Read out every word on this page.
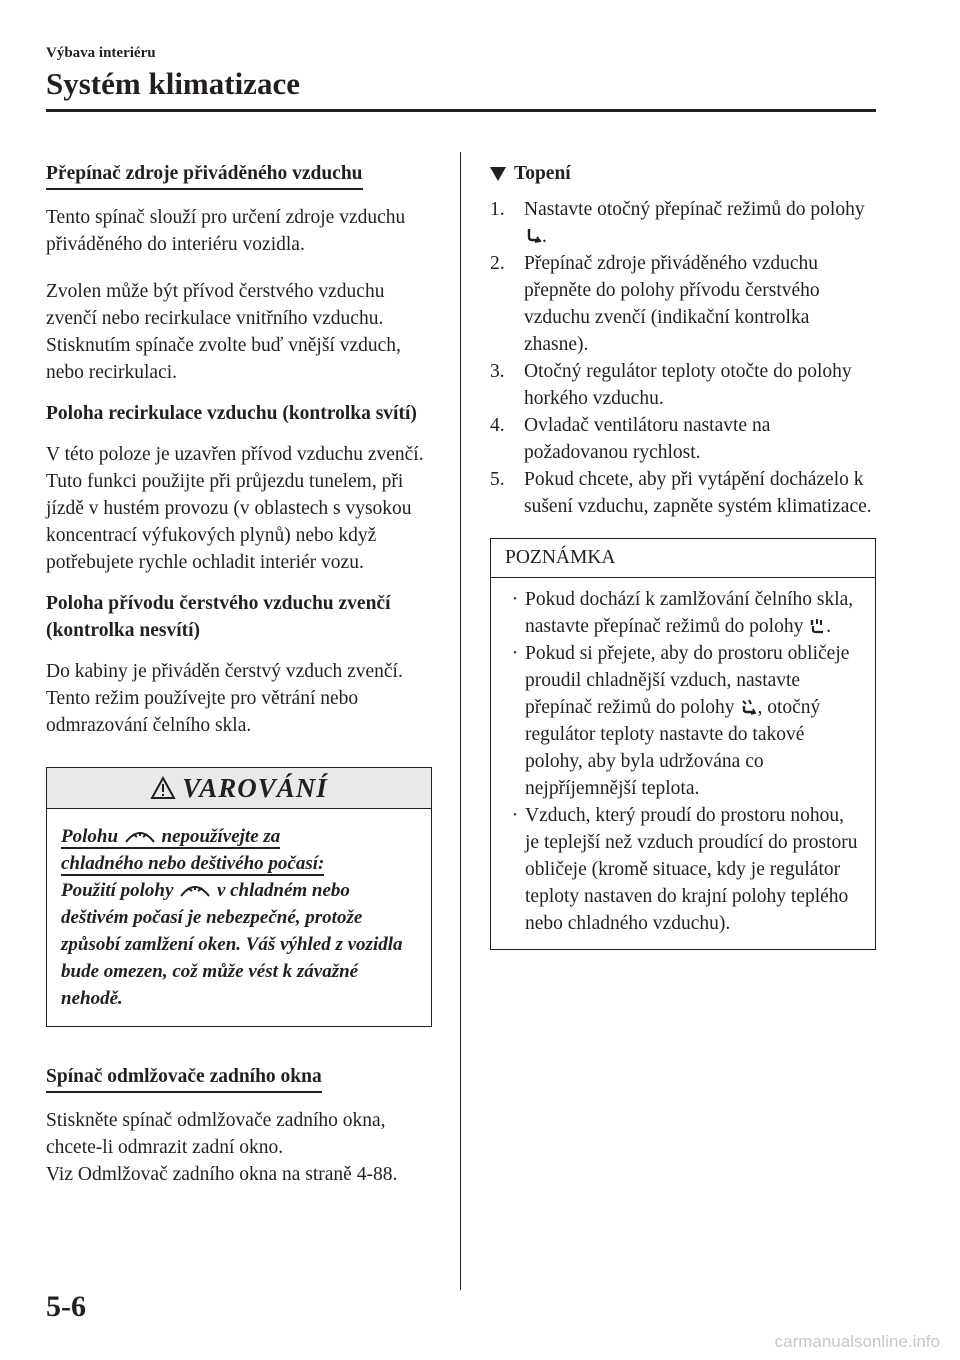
Výbava interiéru
Systém klimatizace
Přepínač zdroje přiváděného vzduchu

Tento spínač slouží pro určení zdroje vzduchu přiváděného do interiéru vozidla.

Zvolen může být přívod čerstvého vzduchu zvenčí nebo recirkulace vnitřního vzduchu. Stisknutím spínače zvolte buď vnější vzduch, nebo recirkulaci.

Poloha recirkulace vzduchu (kontrolka svítí)

V této poloze je uzavřen přívod vzduchu zvenčí. Tuto funkci použijte při průjezdu tunelem, při jízdě v hustém provozu (v oblastech s vysokou koncentrací výfukových plynů) nebo když potřebujete rychle ochladit interiér vozu.

Poloha přívodu čerstvého vzduchu zvenčí (kontrolka nesvítí)

Do kabiny je přiváděn čerstvý vzduch zvenčí. Tento režim používejte pro větrání nebo odmrazování čelního skla.

VAROVÁNÍ
Polohu nepoužívejte za
chladného nebo deštivého počasí:
Použití polohy v chladném nebo
deštivém počasí je nebezpečné, protože způsobí zamlžení oken. Váš výhled z vozidla bude omezen, což může vést k závažné nehodě.
Spínač odmlžovače zadního okna

Stiskněte spínač odmlžovače zadního okna, chcete-li odmrazit zadní okno.

Viz Odmlžovač zadního okna na straně 4-88.

Topení
1. Nastavte otočný přepínač režimů do polohy .
2. Přepínač zdroje přiváděného vzduchu přepněte do polohy přívodu čerstvého vzduchu zvenčí (indikační kontrolka zhasne).
3. Otočný regulátor teploty otočte do polohy horkého vzduchu.
4. Ovladač ventilátoru nastavte na požadovanou rychlost.
5. Pokud chcete, aby při vytápění docházelo k sušení vzduchu, zapněte systém klimatizace.
POZNÁMKA
· Pokud dochází k zamlžování čelního skla, nastavte přepínač režimů do polohy .
· Pokud si přejete, aby do prostoru obličeje proudil chladnější vzduch, nastavte přepínač režimů do polohy , otočný regulátor teploty nastavte do takové polohy, aby byla udržována co nejpříjemnější teplota.
· Vzduch, který proudí do prostoru nohou, je teplejší než vzduch proudící do prostoru obličeje (kromě situace, kdy je regulátor teploty nastaven do krajní polohy teplého nebo chladného vzduchu).
5-6
carmanualsonline.info
